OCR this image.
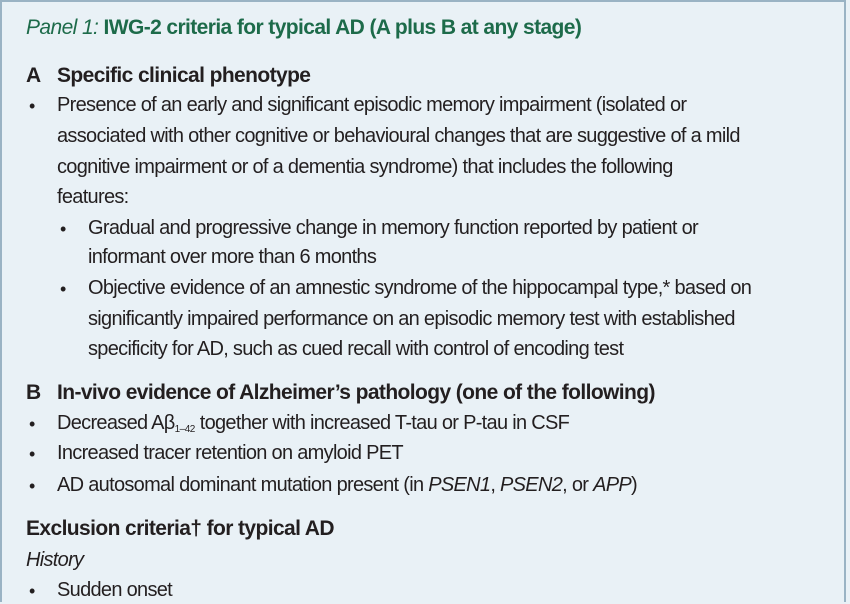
Panel 1: IWG-2 criteria for typical AD (A plus B at any stage)
A Specific clinical phenotype
• Presence of an early and significant episodic memory impairment (isolated or
associated with other cognitive or behavioural changes that are suggestive of a mild
cognitive impairment or of a dementia syndrome) that includes the following
features:
• Gradual and progressive change in memory function reported by patient or
informant over more than 6 months
• Objective evidence of an amnestic syndrome of the hippocampal type,* based on
significantly impaired performance on an episodic memory test with established
specificity for AD, such as cued recall with control of encoding test
B In-vivo evidence of Alzheimer’s pathology (one of the following)
• Decreased $A\beta_{1-42}$ together with increased T-tau or P-tau in CSF
• Increased tracer retention on amyloid PET
• AD autosomal dominant mutation present (in PSEN1, PSEN2, or APP)
Exclusion criteria† for typical AD
History
• Sudden onset
